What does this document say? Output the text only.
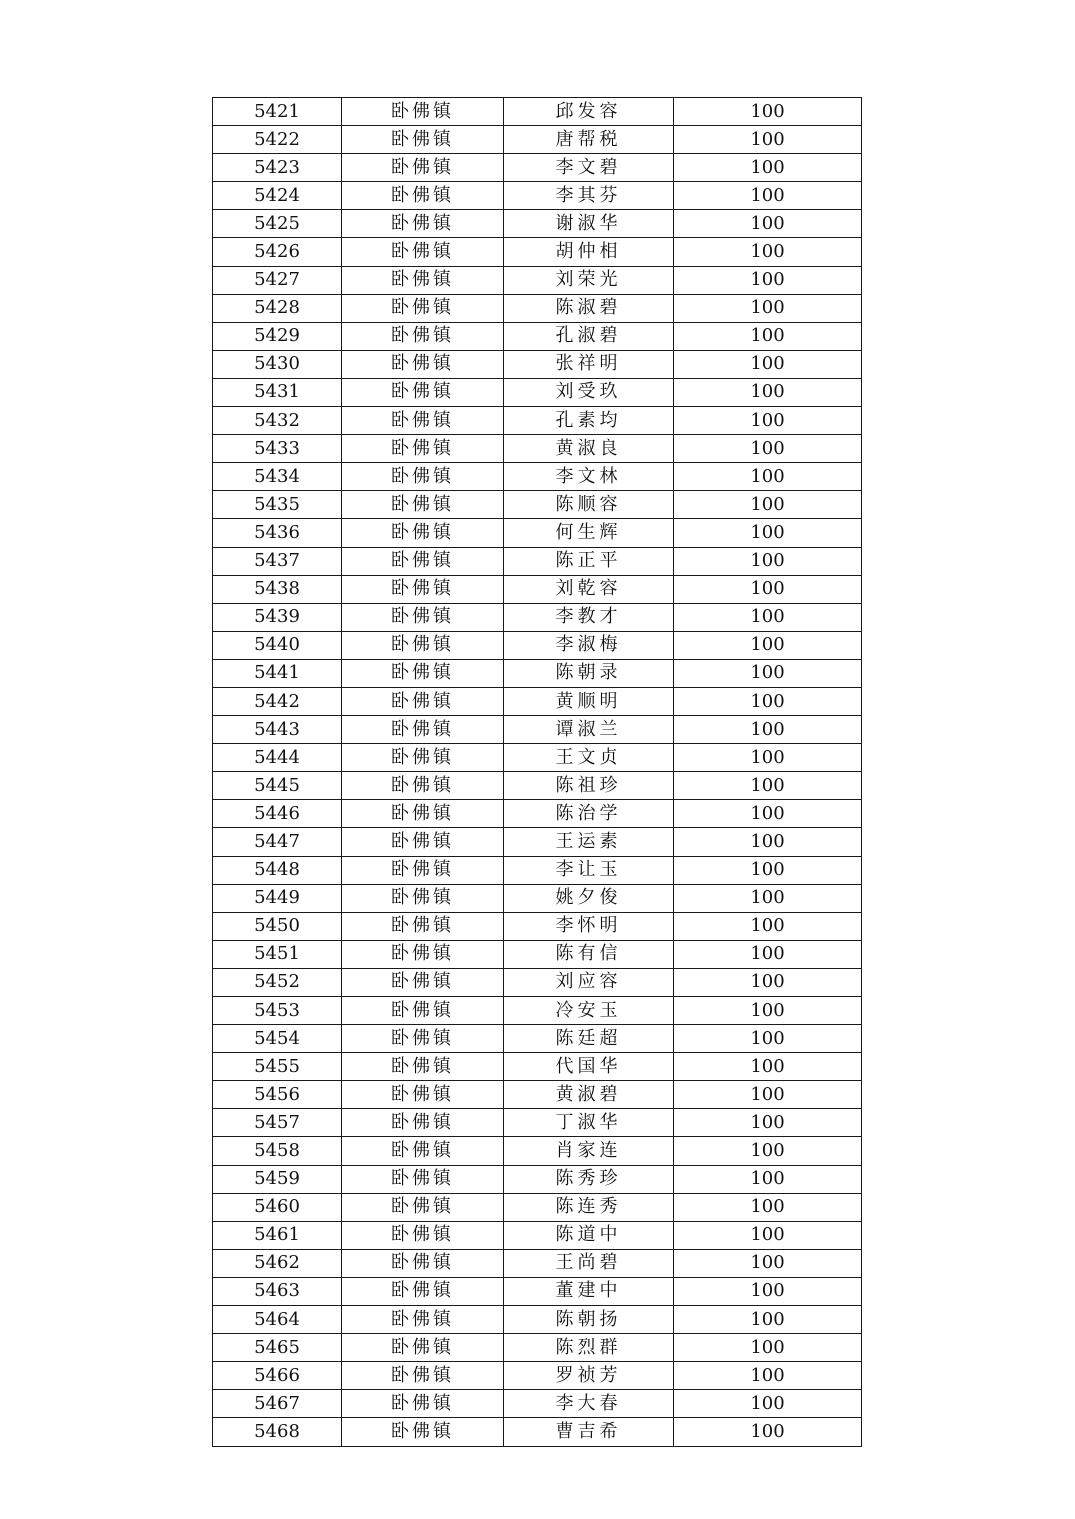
5421	卧佛镇	邱发容	100
5422	卧佛镇	唐帮税	100
5423	卧佛镇	李文碧	100
5424	卧佛镇	李其芬	100
5425	卧佛镇	谢淑华	100
5426	卧佛镇	胡仲相	100
5427	卧佛镇	刘荣光	100
5428	卧佛镇	陈淑碧	100
5429	卧佛镇	孔淑碧	100
5430	卧佛镇	张祥明	100
5431	卧佛镇	刘受玖	100
5432	卧佛镇	孔素均	100
5433	卧佛镇	黄淑良	100
5434	卧佛镇	李文林	100
5435	卧佛镇	陈顺容	100
5436	卧佛镇	何生辉	100
5437	卧佛镇	陈正平	100
5438	卧佛镇	刘乾容	100
5439	卧佛镇	李教才	100
5440	卧佛镇	李淑梅	100
5441	卧佛镇	陈朝录	100
5442	卧佛镇	黄顺明	100
5443	卧佛镇	谭淑兰	100
5444	卧佛镇	王文贞	100
5445	卧佛镇	陈祖珍	100
5446	卧佛镇	陈治学	100
5447	卧佛镇	王运素	100
5448	卧佛镇	李让玉	100
5449	卧佛镇	姚夕俊	100
5450	卧佛镇	李怀明	100
5451	卧佛镇	陈有信	100
5452	卧佛镇	刘应容	100
5453	卧佛镇	冷安玉	100
5454	卧佛镇	陈廷超	100
5455	卧佛镇	代国华	100
5456	卧佛镇	黄淑碧	100
5457	卧佛镇	丁淑华	100
5458	卧佛镇	肖家连	100
5459	卧佛镇	陈秀珍	100
5460	卧佛镇	陈连秀	100
5461	卧佛镇	陈道中	100
5462	卧佛镇	王尚碧	100
5463	卧佛镇	董建中	100
5464	卧佛镇	陈朝扬	100
5465	卧佛镇	陈烈群	100
5466	卧佛镇	罗祯芳	100
5467	卧佛镇	李大春	100
5468	卧佛镇	曹吉希	100
